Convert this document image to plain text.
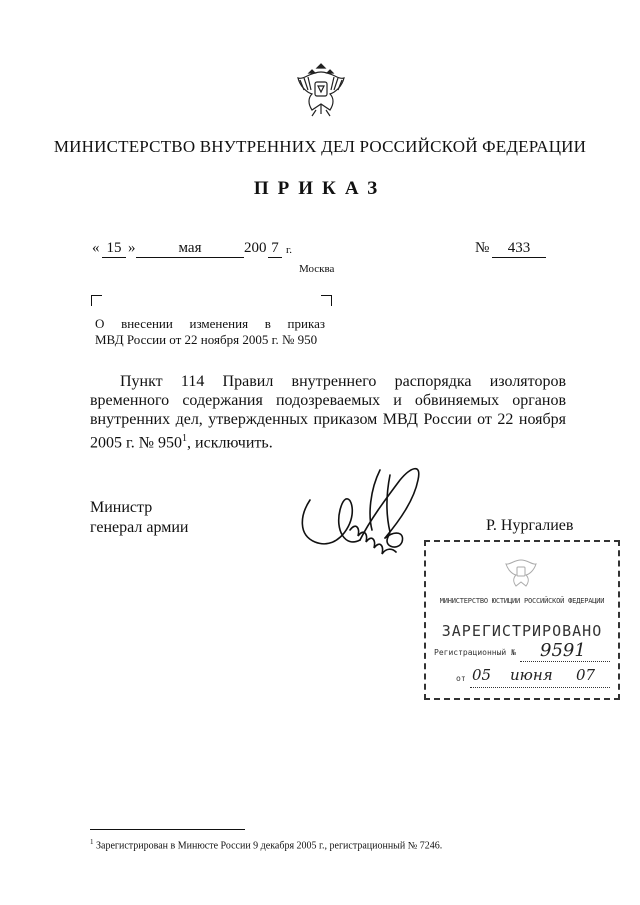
МИНИСТЕРСТВО ВНУТРЕННИХ ДЕЛ РОССИЙСКОЙ ФЕДЕРАЦИИ
ПРИКАЗ
« 15 »	мая	200 7 г.	№	433
Москва
О внесении изменения в приказ
МВД России от 22 ноября 2005 г. № 950
Пункт 114 Правил внутреннего распорядка изоляторов временного содержания подозреваемых и обвиняемых органов внутренних дел, утвержденных приказом МВД России от 22 ноября 2005 г. № $950^1$, исключить.
Министр
генерал армии	Р. Нургалиев
МИНИСТЕРСТВО ЮСТИЦИИ РОССИЙСКОЙ ФЕДЕРАЦИИ
ЗАРЕГИСТРИРОВАНО
Регистрационный № 9591
от 05 июня 07
$^1$ Зарегистрирован в Минюсте России 9 декабря 2005 г., регистрационный № 7246.
